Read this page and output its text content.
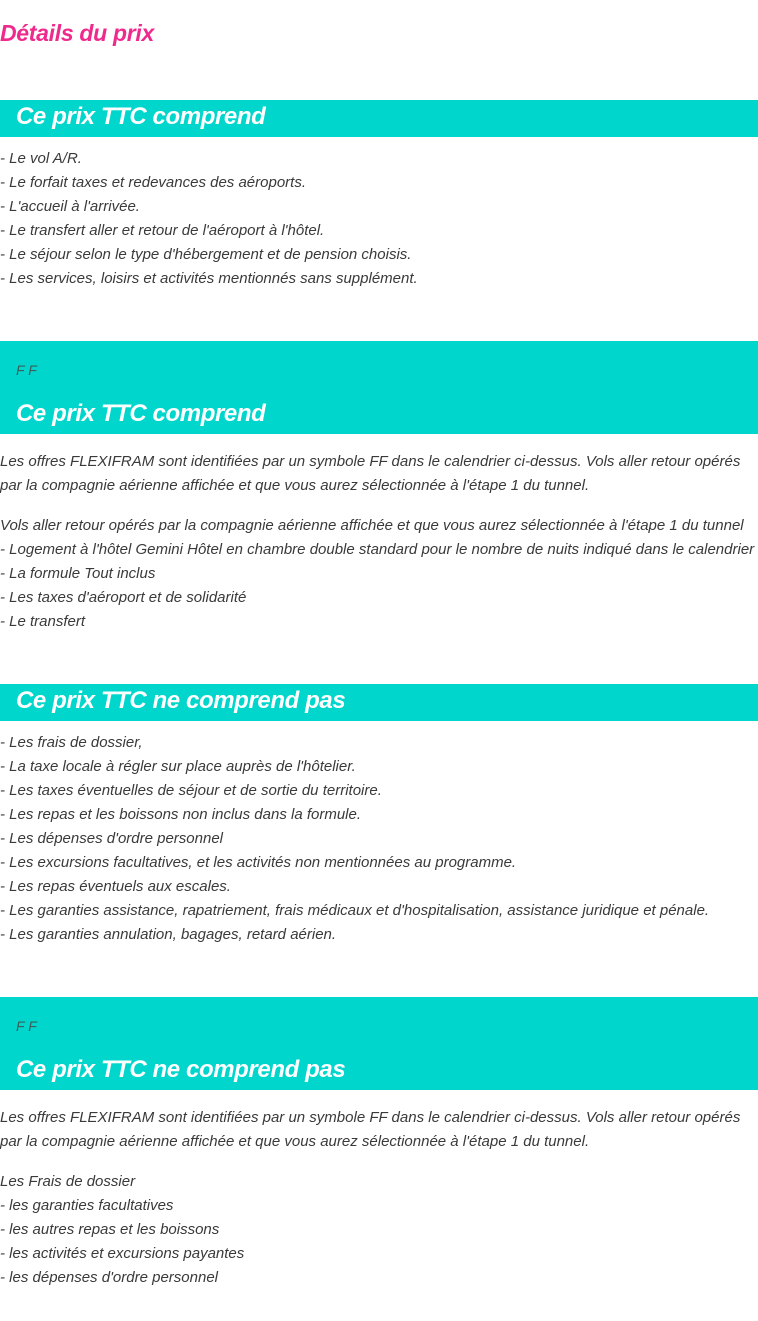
Détails du prix
Ce prix TTC comprend
- Le vol A/R.
- Le forfait taxes et redevances des aéroports.
- L'accueil à l'arrivée.
- Le transfert aller et retour de l'aéroport à l'hôtel.
- Le séjour selon le type d'hébergement et de pension choisis.
- Les services, loisirs et activités mentionnés sans supplément.
F F
Ce prix TTC comprend

Les offres FLEXIFRAM sont identifiées par un symbole FF dans le calendrier ci-dessus. Vols aller retour opérés par la compagnie aérienne affichée et que vous aurez sélectionnée à l'étape 1 du tunnel.

Vols aller retour opérés par la compagnie aérienne affichée et que vous aurez sélectionnée à l'étape 1 du tunnel
- Logement à l'hôtel Gemini Hôtel en chambre double standard pour le nombre de nuits indiqué dans le calendrier
- La formule Tout inclus
- Les taxes d'aéroport et de solidarité
- Le transfert
Ce prix TTC ne comprend pas
- Les frais de dossier,
- La taxe locale à régler sur place auprès de l'hôtelier.
- Les taxes éventuelles de séjour et de sortie du territoire.
- Les repas et les boissons non inclus dans la formule.
- Les dépenses d'ordre personnel
- Les excursions facultatives, et les activités non mentionnées au programme.
- Les repas éventuels aux escales.
- Les garanties assistance, rapatriement, frais médicaux et d'hospitalisation, assistance juridique et pénale.
- Les garanties annulation, bagages, retard aérien.
F F
Ce prix TTC ne comprend pas

Les offres FLEXIFRAM sont identifiées par un symbole FF dans le calendrier ci-dessus. Vols aller retour opérés par la compagnie aérienne affichée et que vous aurez sélectionnée à l'étape 1 du tunnel.

Les Frais de dossier
- les garanties facultatives
- les autres repas et les boissons
- les activités et excursions payantes
- les dépenses d'ordre personnel
